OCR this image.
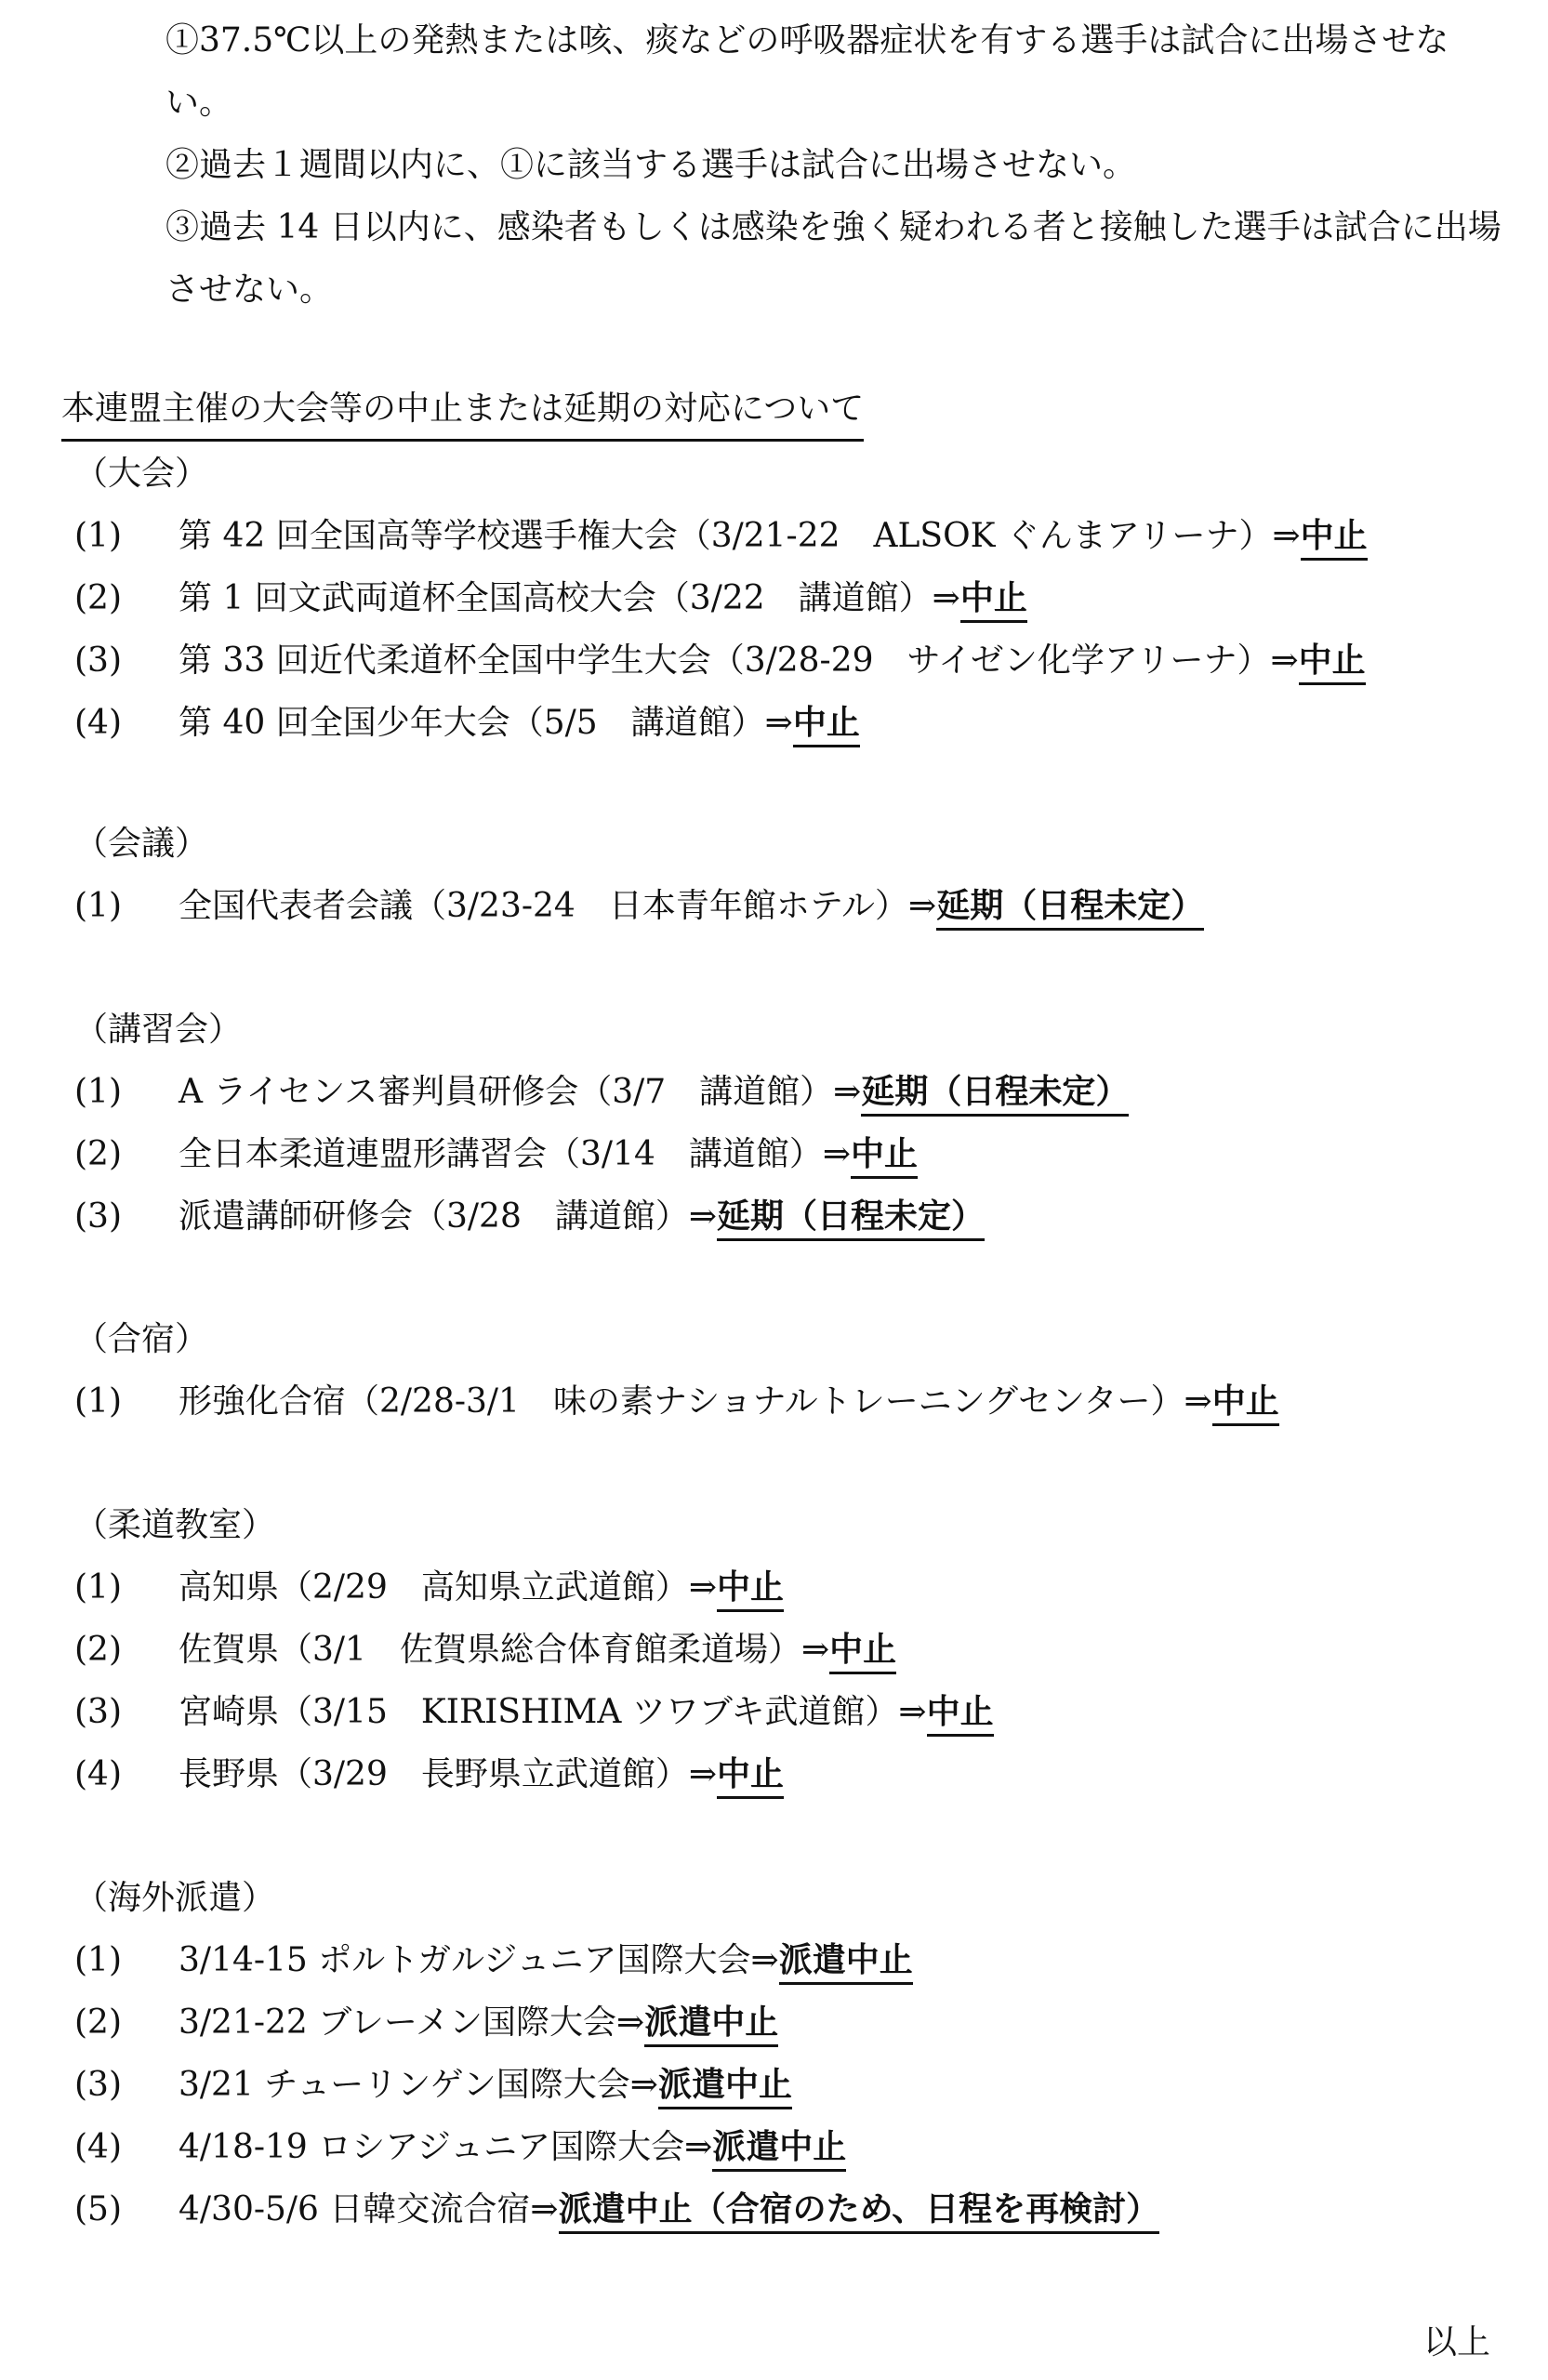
①37.5℃以上の発熱または咳、痰などの呼吸器症状を有する選手は試合に出場させない。

②過去１週間以内に、①に該当する選手は試合に出場させない。

③過去 14 日以内に、感染者もしくは感染を強く疑われる者と接触した選手は試合に出場させない。

本連盟主催の大会等の中止または延期の対応について
（大会）
(1) 第 42 回全国高等学校選手権大会（3/21-22　ALSOK ぐんまアリーナ）⇒中止
(2) 第 1 回文武両道杯全国高校大会（3/22　講道館）⇒中止
(3) 第 33 回近代柔道杯全国中学生大会（3/28-29　サイゼン化学アリーナ）⇒中止
(4) 第 40 回全国少年大会（5/5　講道館）⇒中止
（会議）
(1) 全国代表者会議（3/23-24　日本青年館ホテル）⇒延期（日程未定）
（講習会）
(1) A ライセンス審判員研修会（3/7　講道館）⇒延期（日程未定）
(2) 全日本柔道連盟形講習会（3/14　講道館）⇒中止
(3) 派遣講師研修会（3/28　講道館）⇒延期（日程未定）
（合宿）
(1) 形強化合宿（2/28-3/1　味の素ナショナルトレーニングセンター）⇒中止
（柔道教室）
(1) 高知県（2/29　高知県立武道館）⇒中止
(2) 佐賀県（3/1　佐賀県総合体育館柔道場）⇒中止
(3) 宮崎県（3/15　KIRISHIMA ツワブキ武道館）⇒中止
(4) 長野県（3/29　長野県立武道館）⇒中止
（海外派遣）
(1) 3/14-15 ポルトガルジュニア国際大会⇒派遣中止
(2) 3/21-22 ブレーメン国際大会⇒派遣中止
(3) 3/21 チューリンゲン国際大会⇒派遣中止
(4) 4/18-19 ロシアジュニア国際大会⇒派遣中止
(5) 4/30-5/6 日韓交流合宿⇒派遣中止（合宿のため、日程を再検討）
以上
